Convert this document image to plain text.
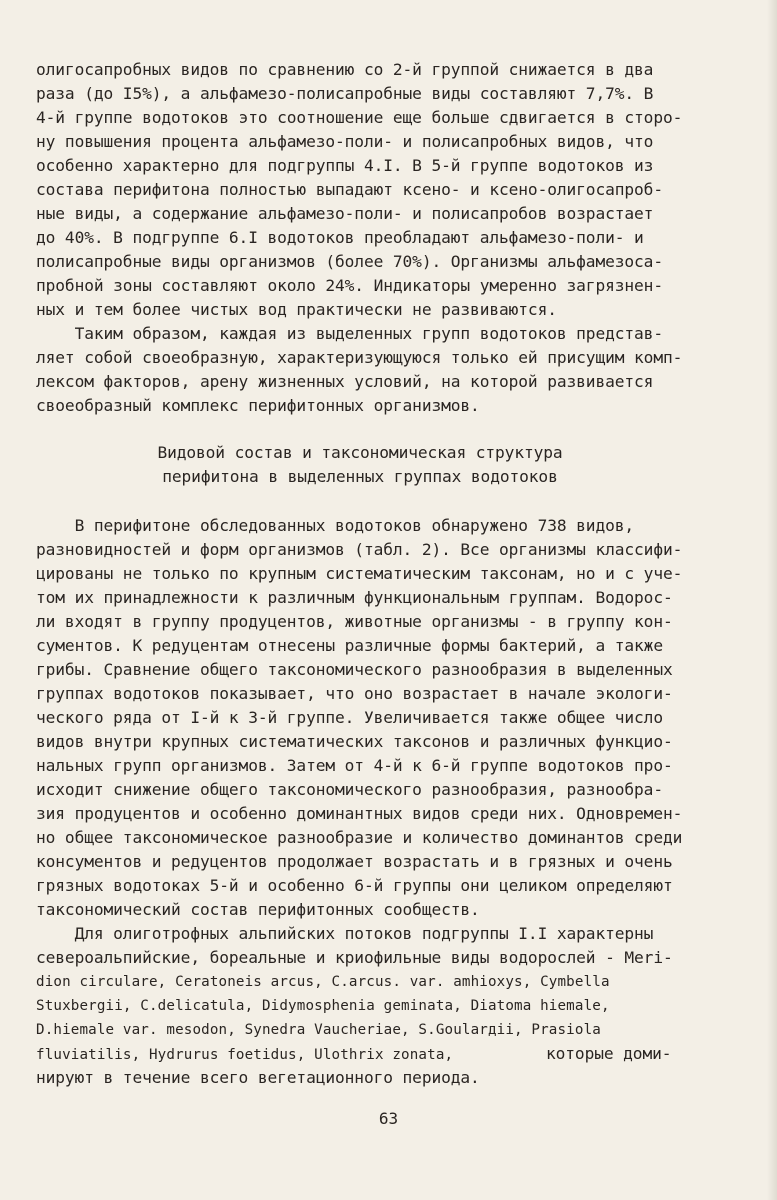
олигосапробных видов по сравнению со 2-й группой снижается в два
раза (до I5%), а альфамезо-полисапробные виды составляют 7,7%. В
4-й группе водотоков это соотношение еще больше сдвигается в сторо-
ну повышения процента альфамезо-поли- и полисапробных видов, что
особенно характерно для подгруппы 4.I. В 5-й группе водотоков из
состава перифитона полностью выпадают ксено- и ксено-олигосапроб-
ные виды, а содержание альфамезо-поли- и полисапробов возрастает
до 40%. В подгруппе 6.I водотоков преобладают альфамезо-поли- и
полисапробные виды организмов (более 70%). Организмы альфамезоса-
пробной зоны составляют около 24%. Индикаторы умеренно загрязнен-
ных и тем более чистых вод практически не развиваются.
Таким образом, каждая из выделенных групп водотоков представ-
ляет собой своеобразную, характеризующуюся только ей присущим комп-
лексом факторов, арену жизненных условий, на которой развивается
своеобразный комплекс перифитонных организмов.
Видовой состав и таксономическая структура
перифитона в выделенных группах водотоков
В перифитоне обследованных водотоков обнаружено 738 видов,
разновидностей и форм организмов (табл. 2). Все организмы классифи-
цированы не только по крупным систематическим таксонам, но и с уче-
том их принадлежности к различным функциональным группам. Водорос-
ли входят в группу продуцентов, животные организмы - в группу кон-
сументов. К редуцентам отнесены различные формы бактерий, а также
грибы. Сравнение общего таксономического разнообразия в выделенных
группах водотоков показывает, что оно возрастает в начале экологи-
ческого ряда от I-й к 3-й группе. Увеличивается также общее число
видов внутри крупных систематических таксонов и различных функцио-
нальных групп организмов. Затем от 4-й к 6-й группе водотоков про-
исходит снижение общего таксономического разнообразия, разнообра-
зия продуцентов и особенно доминантных видов среди них. Одновремен-
но общее таксономическое разнообразие и количество доминантов среди
консументов и редуцентов продолжает возрастать и в грязных и очень
грязных водотоках 5-й и особенно 6-й группы они целиком определяют
таксономический состав перифитонных сообществ.
Для олиготрофных альпийских потоков подгруппы I.I характерны
североальпийские, бореальные и криофильные виды водорослей - Meri-
dion circulare, Ceratoneis arcus, C.arcus. var. amhioxys, Cymbella
Stuxbergii, C.delicatula, Didymosphenia geminata, Diatoma hiemale,
D.hiemale var. mesodon, Synedra Vaucheriae, S.Goularдii, Prasiola
fluviatilis, Hydrurus foetidus, Ulothrix zonata,	которые доми-
нируют в течение всего вегетационного периода.
63
